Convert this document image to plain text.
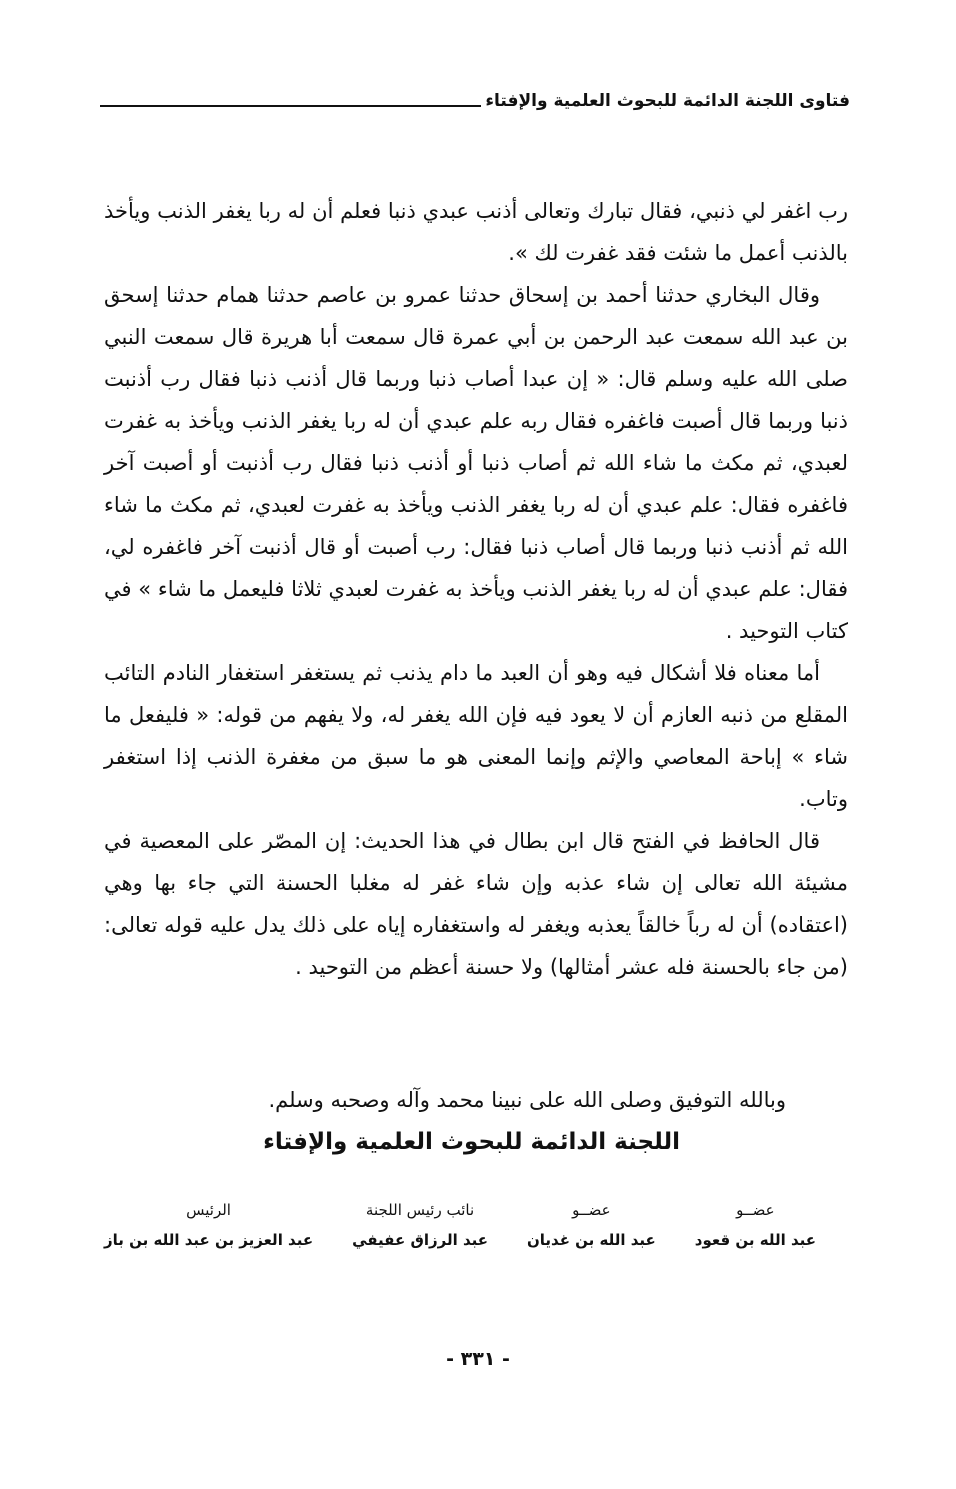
فتاوى اللجنة الدائمة للبحوث العلمية والإفتاء

رب اغفر لي ذنبي، فقال تبارك وتعالى أذنب عبدي ذنبا فعلم أن له ربا يغفر الذنب ويأخذ بالذنب أعمل ما شئت فقد غفرت لك ».

وقال البخاري حدثنا أحمد بن إسحاق حدثنا عمرو بن عاصم حدثنا همام حدثنا إسحق بن عبد الله سمعت عبد الرحمن بن أبي عمرة قال سمعت أبا هريرة قال سمعت النبي صلى الله عليه وسلم قال: « إن عبدا أصاب ذنبا وربما قال أذنب ذنبا فقال رب أذنبت ذنبا وربما قال أصبت فاغفره فقال ربه علم عبدي أن له ربا يغفر الذنب ويأخذ به غفرت لعبدي، ثم مكث ما شاء الله ثم أصاب ذنبا أو أذنب ذنبا فقال رب أذنبت أو أصبت آخر فاغفره فقال: علم عبدي أن له ربا يغفر الذنب ويأخذ به غفرت لعبدي، ثم مكث ما شاء الله ثم أذنب ذنبا وربما قال أصاب ذنبا فقال: رب أصبت أو قال أذنبت آخر فاغفره لي، فقال: علم عبدي أن له ربا يغفر الذنب ويأخذ به غفرت لعبدي ثلاثا فليعمل ما شاء » في كتاب التوحيد .

أما معناه فلا أشكال فيه وهو أن العبد ما دام يذنب ثم يستغفر استغفار النادم التائب المقلع من ذنبه العازم أن لا يعود فيه فإن الله يغفر له، ولا يفهم من قوله: « فليفعل ما شاء » إباحة المعاصي والإثم وإنما المعنى هو ما سبق من مغفرة الذنب إذا استغفر وتاب.

قال الحافظ في الفتح قال ابن بطال في هذا الحديث: إن المصّر على المعصية في مشيئة الله تعالى إن شاء عذبه وإن شاء غفر له مغلبا الحسنة التي جاء بها وهي (اعتقاده) أن له رباً خالقاً يعذبه ويغفر له واستغفاره إياه على ذلك يدل عليه قوله تعالى: (من جاء بالحسنة فله عشر أمثالها) ولا حسنة أعظم من التوحيد .

وبالله التوفيق وصلى الله على نبينا محمد وآله وصحبه وسلم.
اللجنة الدائمة للبحوث العلمية والإفتاء
عضــو
عبد الله بن قعود
عضــو
عبد الله بن غديان
نائب رئيس اللجنة
عبد الرزاق عفيفي
الرئيس
عبد العزيز بن عبد الله بن باز
- ٣٣١ -
